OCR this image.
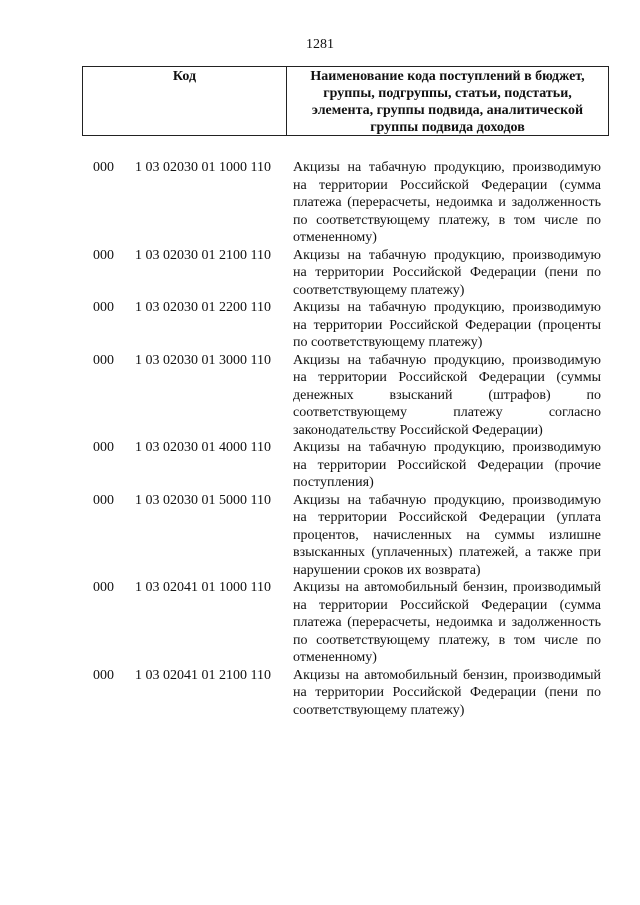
1281
Код	Наименование кода поступлений в бюджет, группы, подгруппы, статьи, подстатьи, элемента, группы подвида, аналитической группы подвида доходов
000 1 03 02030 01 1000 110 Акцизы на табачную продукцию, производимую на территории Российской Федерации (сумма платежа (перерасчеты, недоимка и задолженность по соответствующему платежу, в том числе по отмененному)
000 1 03 02030 01 2100 110 Акцизы на табачную продукцию, производимую на территории Российской Федерации (пени по соответствующему платежу)
000 1 03 02030 01 2200 110 Акцизы на табачную продукцию, производимую на территории Российской Федерации (проценты по соответствующему платежу)
000 1 03 02030 01 3000 110 Акцизы на табачную продукцию, производимую на территории Российской Федерации (суммы денежных взысканий (штрафов) по соответствующему платежу согласно законодательству Российской Федерации)
000 1 03 02030 01 4000 110 Акцизы на табачную продукцию, производимую на территории Российской Федерации (прочие поступления)
000 1 03 02030 01 5000 110 Акцизы на табачную продукцию, производимую на территории Российской Федерации (уплата процентов, начисленных на суммы излишне взысканных (уплаченных) платежей, а также при нарушении сроков их возврата)
000 1 03 02041 01 1000 110 Акцизы на автомобильный бензин, производимый на территории Российской Федерации (сумма платежа (перерасчеты, недоимка и задолженность по соответствующему платежу, в том числе по отмененному)
000 1 03 02041 01 2100 110 Акцизы на автомобильный бензин, производимый на территории Российской Федерации (пени по соответствующему платежу)
